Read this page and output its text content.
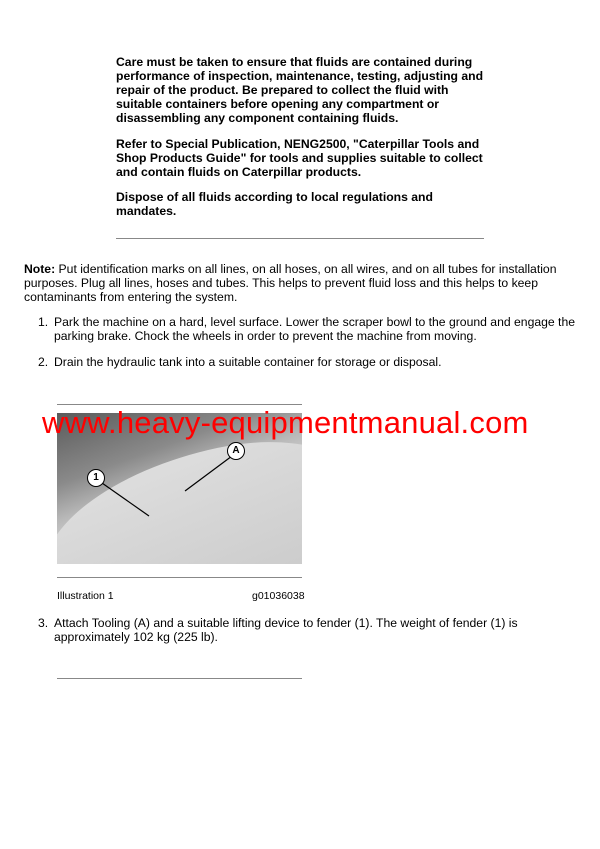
Care must be taken to ensure that fluids are contained during performance of inspection, maintenance, testing, adjusting and repair of the product. Be prepared to collect the fluid with suitable containers before opening any compartment or disassembling any component containing fluids.
Refer to Special Publication, NENG2500, "Caterpillar Tools and Shop Products Guide" for tools and supplies suitable to collect and contain fluids on Caterpillar products.
Dispose of all fluids according to local regulations and mandates.
Note: Put identification marks on all lines, on all hoses, on all wires, and on all tubes for installation purposes. Plug all lines, hoses and tubes. This helps to prevent fluid loss and this helps to keep contaminants from entering the system.
1. Park the machine on a hard, level surface. Lower the scraper bowl to the ground and engage the parking brake. Chock the wheels in order to prevent the machine from moving.
2. Drain the hydraulic tank into a suitable container for storage or disposal.
1
A
Illustration 1	g01036038
www.heavy-equipmentmanual.com
3. Attach Tooling (A) and a suitable lifting device to fender (1). The weight of fender (1) is approximately 102 kg (225 lb).
